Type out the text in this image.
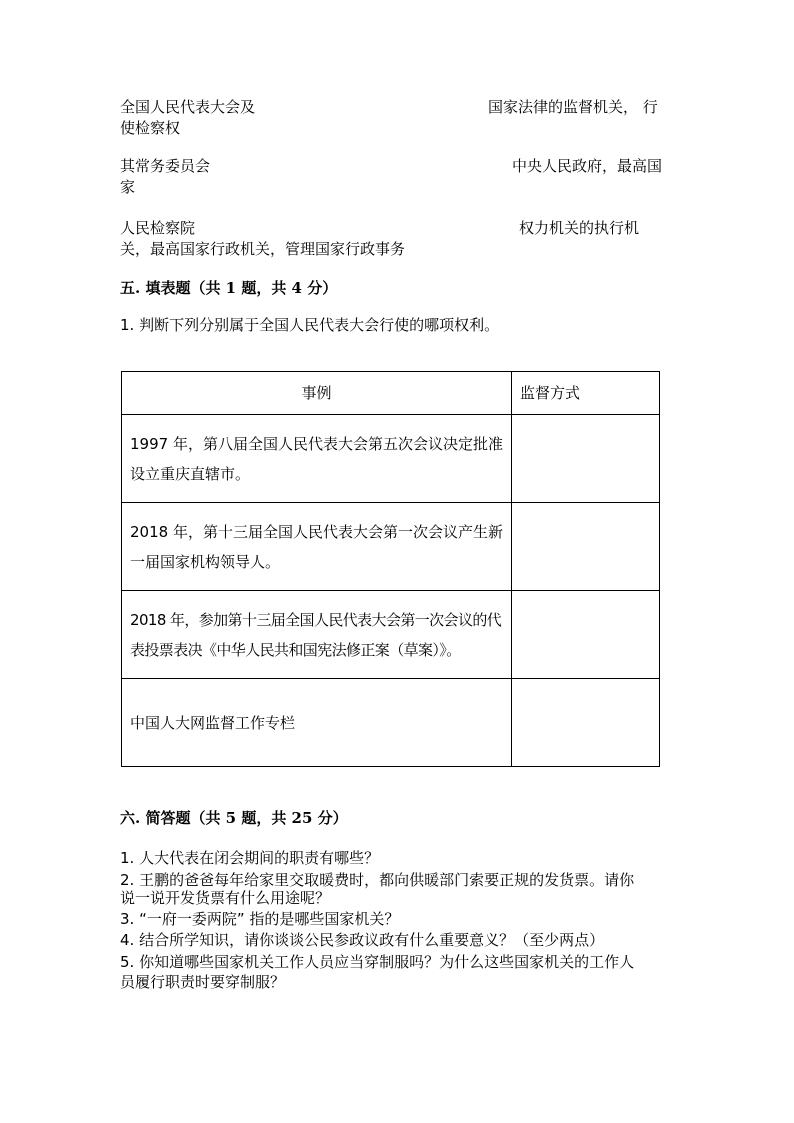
全国人民代表大会及	国家法律的监督机关， 行
使检察权
其常务委员会	中央人民政府，最高国
家
人民检察院	权力机关的执行机
关，最高国家行政机关，管理国家行政事务
五. 填表题（共 1 题，共 4 分）
1. 判断下列分别属于全国人民代表大会行使的哪项权利。
事例	监督方式

1997 年，第八届全国人民代表大会第五次会议决定批准设立重庆直辖市。	

2018 年，第十三届全国人民代表大会第一次会议产生新一届国家机构领导人。	

2018 年，参加第十三届全国人民代表大会第一次会议的代表投票表决《中华人民共和国宪法修正案（草案）》。	

中国人大网监督工作专栏	

六. 简答题（共 5 题，共 25 分）
1. 人大代表在闭会期间的职责有哪些？
2. 王鹏的爸爸每年给家里交取暖费时，都向供暖部门索要正规的发货票。请你
说一说开发货票有什么用途呢？
3. “一府一委两院” 指的是哪些国家机关？
4. 结合所学知识，请你谈谈公民参政议政有什么重要意义？（至少两点）
5. 你知道哪些国家机关工作人员应当穿制服吗？为什么这些国家机关的工作人
员履行职责时要穿制服？
